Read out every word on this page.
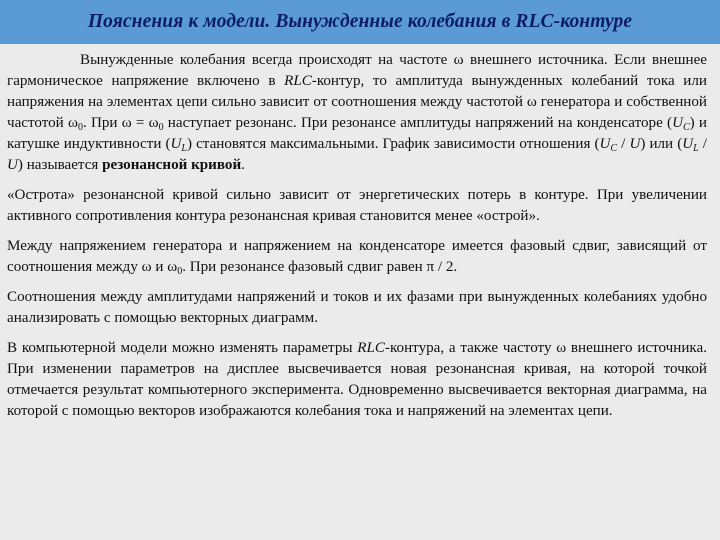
Пояснения к модели. Вынужденные колебания в RLC-контуре

Вынужденные колебания всегда происходят на частоте ω внешнего источника. Если внешнее гармоническое напряжение включено в RLC-контур, то амплитуда вынужденных колебаний тока или напряжения на элементах цепи сильно зависит от соотношения между частотой ω генератора и собственной частотой $\omega_0$. При $\omega = \omega_0$ наступает резонанс. При резонансе амплитуды напряжений на конденсаторе $(U_C)$ и катушке индуктивности $(U_L)$ становятся максимальными. График зависимости отношения $(U_C / U)$ или $(U_L / U)$ называется резонансной кривой.

«Острота» резонансной кривой сильно зависит от энергетических потерь в контуре. При увеличении активного сопротивления контура резонансная кривая становится менее «острой».

Между напряжением генератора и напряжением на конденсаторе имеется фазовый сдвиг, зависящий от соотношения между ω и $\omega_0$. При резонансе фазовый сдвиг равен π / 2.

Соотношения между амплитудами напряжений и токов и их фазами при вынужденных колебаниях удобно анализировать с помощью векторных диаграмм.

В компьютерной модели можно изменять параметры RLC-контура, а также частоту ω внешнего источника. При изменении параметров на дисплее высвечивается новая резонансная кривая, на которой точкой отмечается результат компьютерного эксперимента. Одновременно высвечивается векторная диаграмма, на которой с помощью векторов изображаются колебания тока и напряжений на элементах цепи.
